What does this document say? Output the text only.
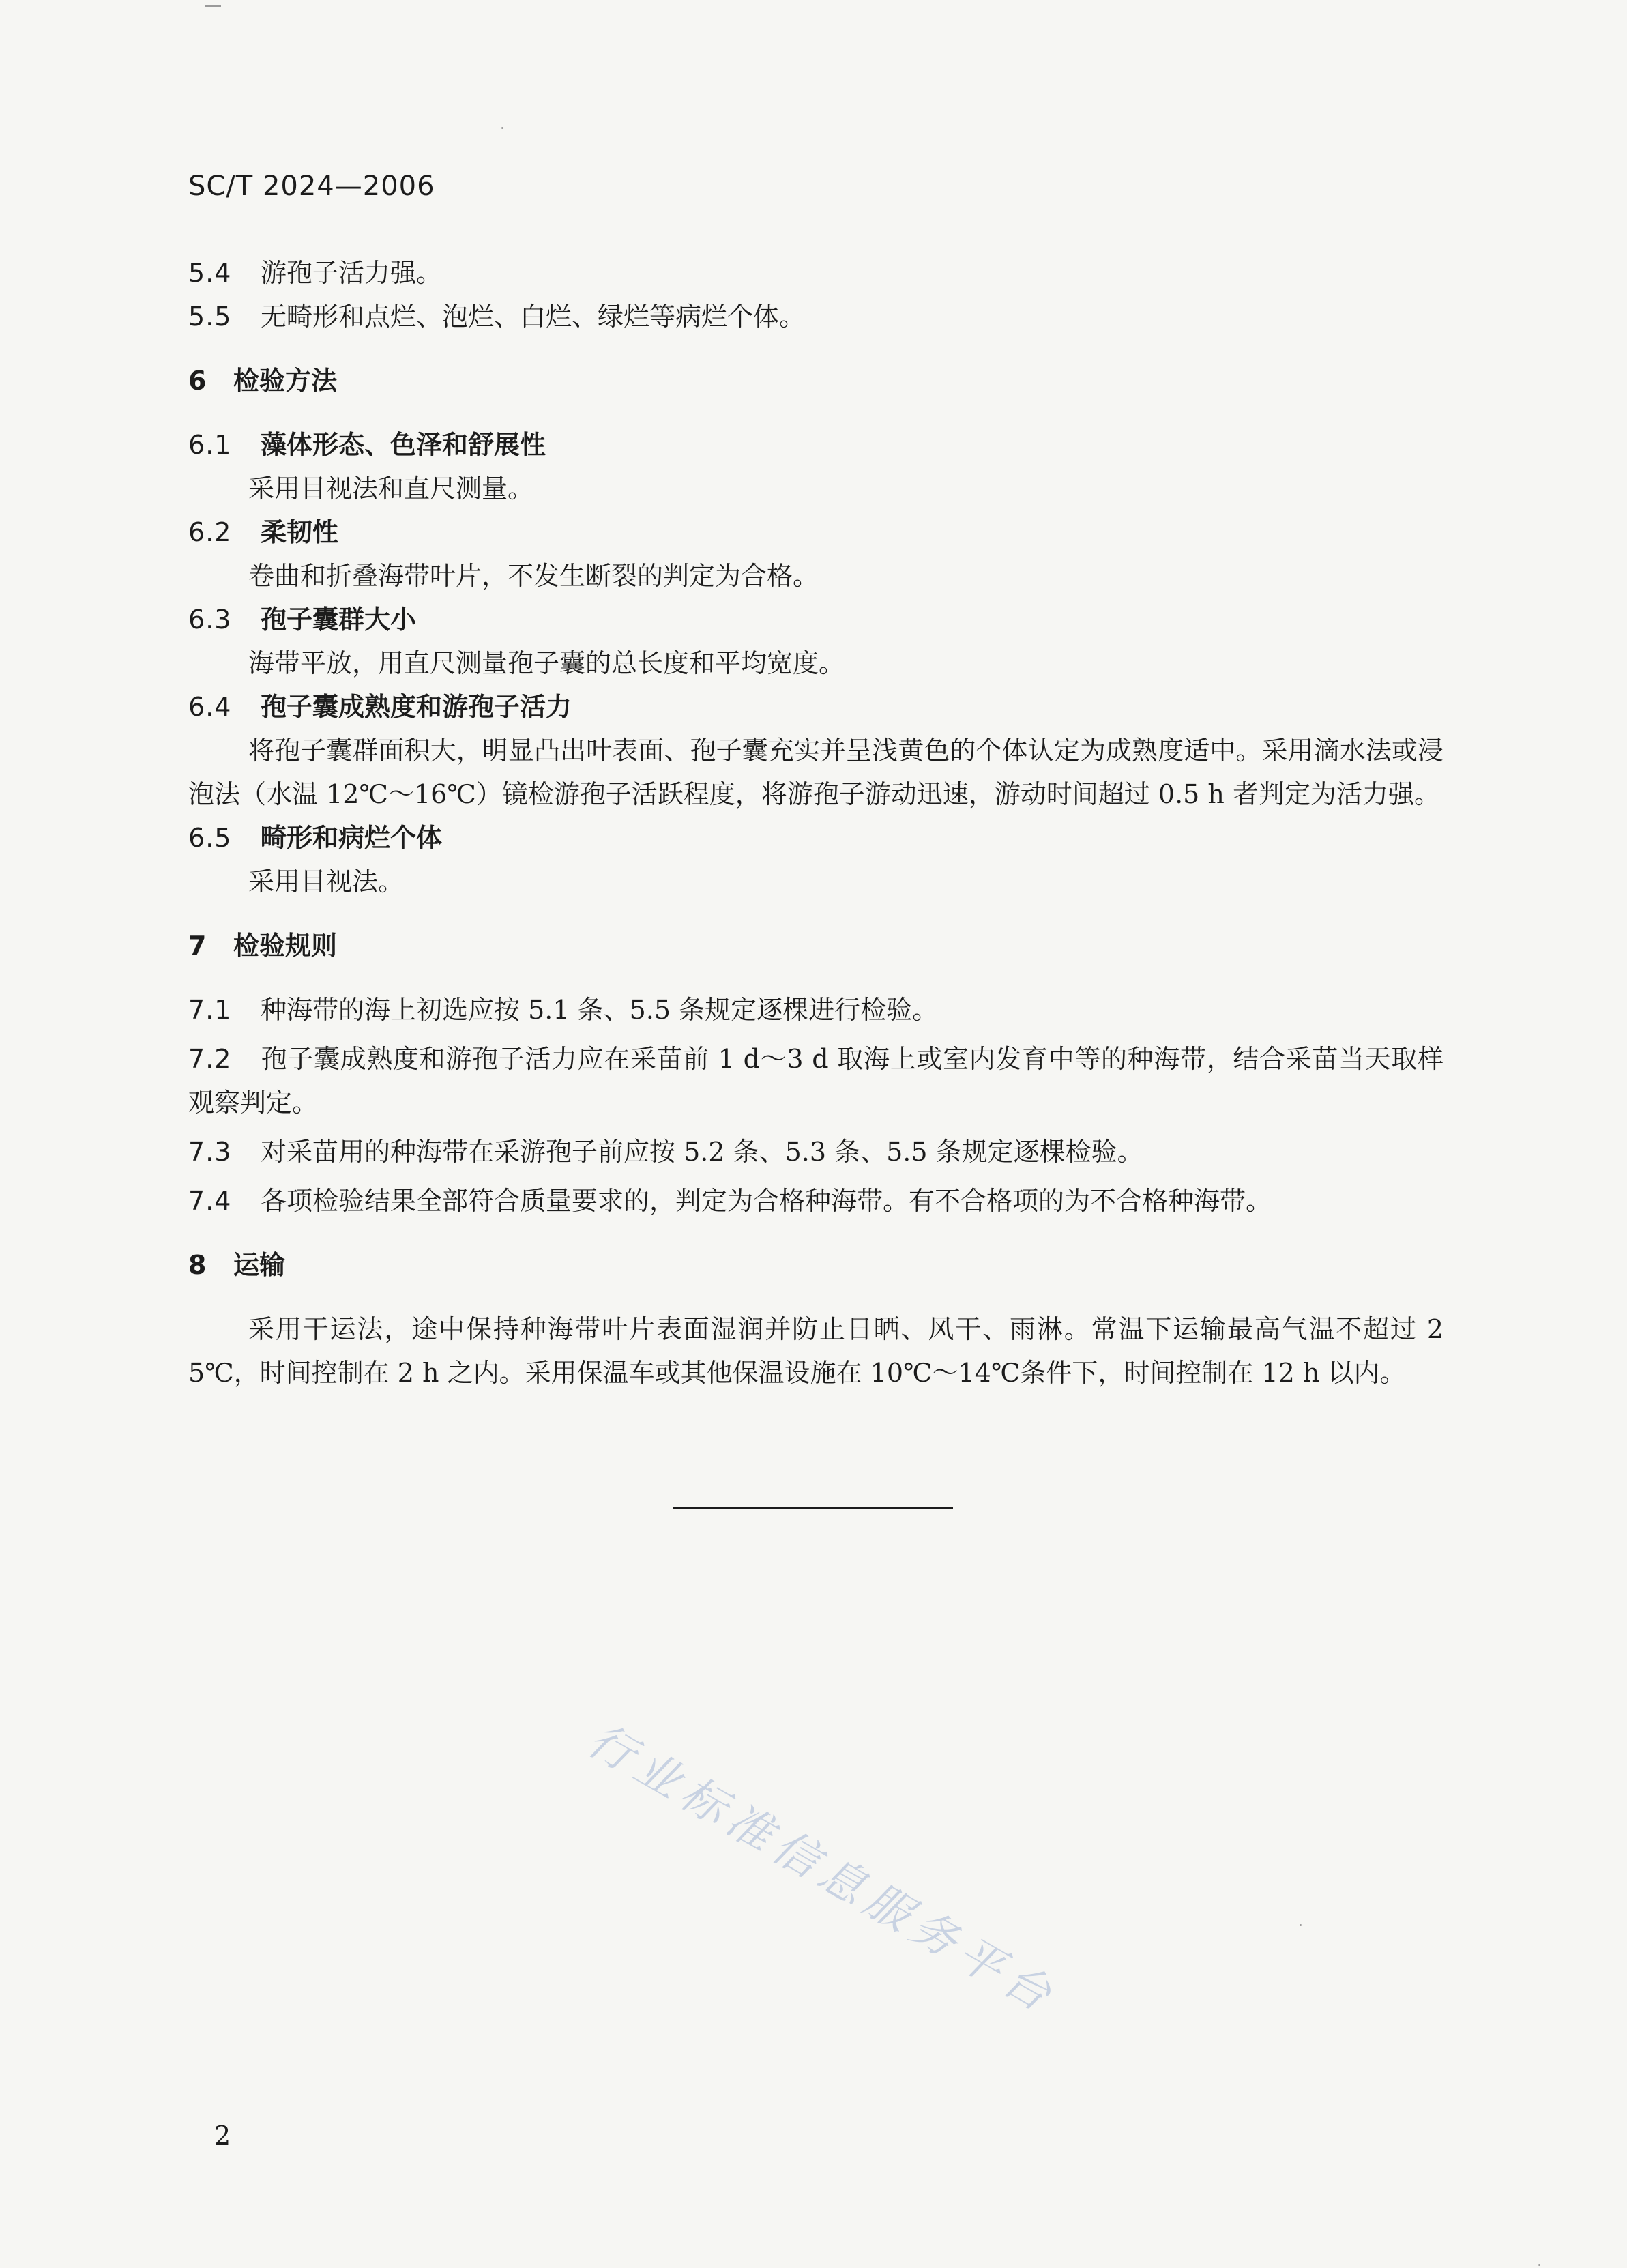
SC/T 2024—2006
5.4 游孢子活力强。
5.5 无畸形和点烂、泡烂、白烂、绿烂等病烂个体。
6 检验方法
6.1 藻体形态、色泽和舒展性
采用目视法和直尺测量。
6.2 柔韧性
卷曲和折叠海带叶片，不发生断裂的判定为合格。
6.3 孢子囊群大小
海带平放，用直尺测量孢子囊的总长度和平均宽度。
6.4 孢子囊成熟度和游孢子活力
将孢子囊群面积大，明显凸出叶表面、孢子囊充实并呈浅黄色的个体认定为成熟度适中。采用滴水法或浸泡法（水温 12℃～16℃）镜检游孢子活跃程度，将游孢子游动迅速，游动时间超过 0.5 h 者判定为活力强。
6.5 畸形和病烂个体
采用目视法。
7 检验规则
7.1 种海带的海上初选应按 5.1 条、5.5 条规定逐棵进行检验。
7.2 孢子囊成熟度和游孢子活力应在采苗前 1 d～3 d 取海上或室内发育中等的种海带，结合采苗当天取样观察判定。
7.3 对采苗用的种海带在采游孢子前应按 5.2 条、5.3 条、5.5 条规定逐棵检验。
7.4 各项检验结果全部符合质量要求的，判定为合格种海带。有不合格项的为不合格种海带。
8 运输
采用干运法，途中保持种海带叶片表面湿润并防止日晒、风干、雨淋。常温下运输最高气温不超过 25℃，时间控制在 2 h 之内。采用保温车或其他保温设施在 10℃～14℃条件下，时间控制在 12 h 以内。
行业标准信息服务平台
2
